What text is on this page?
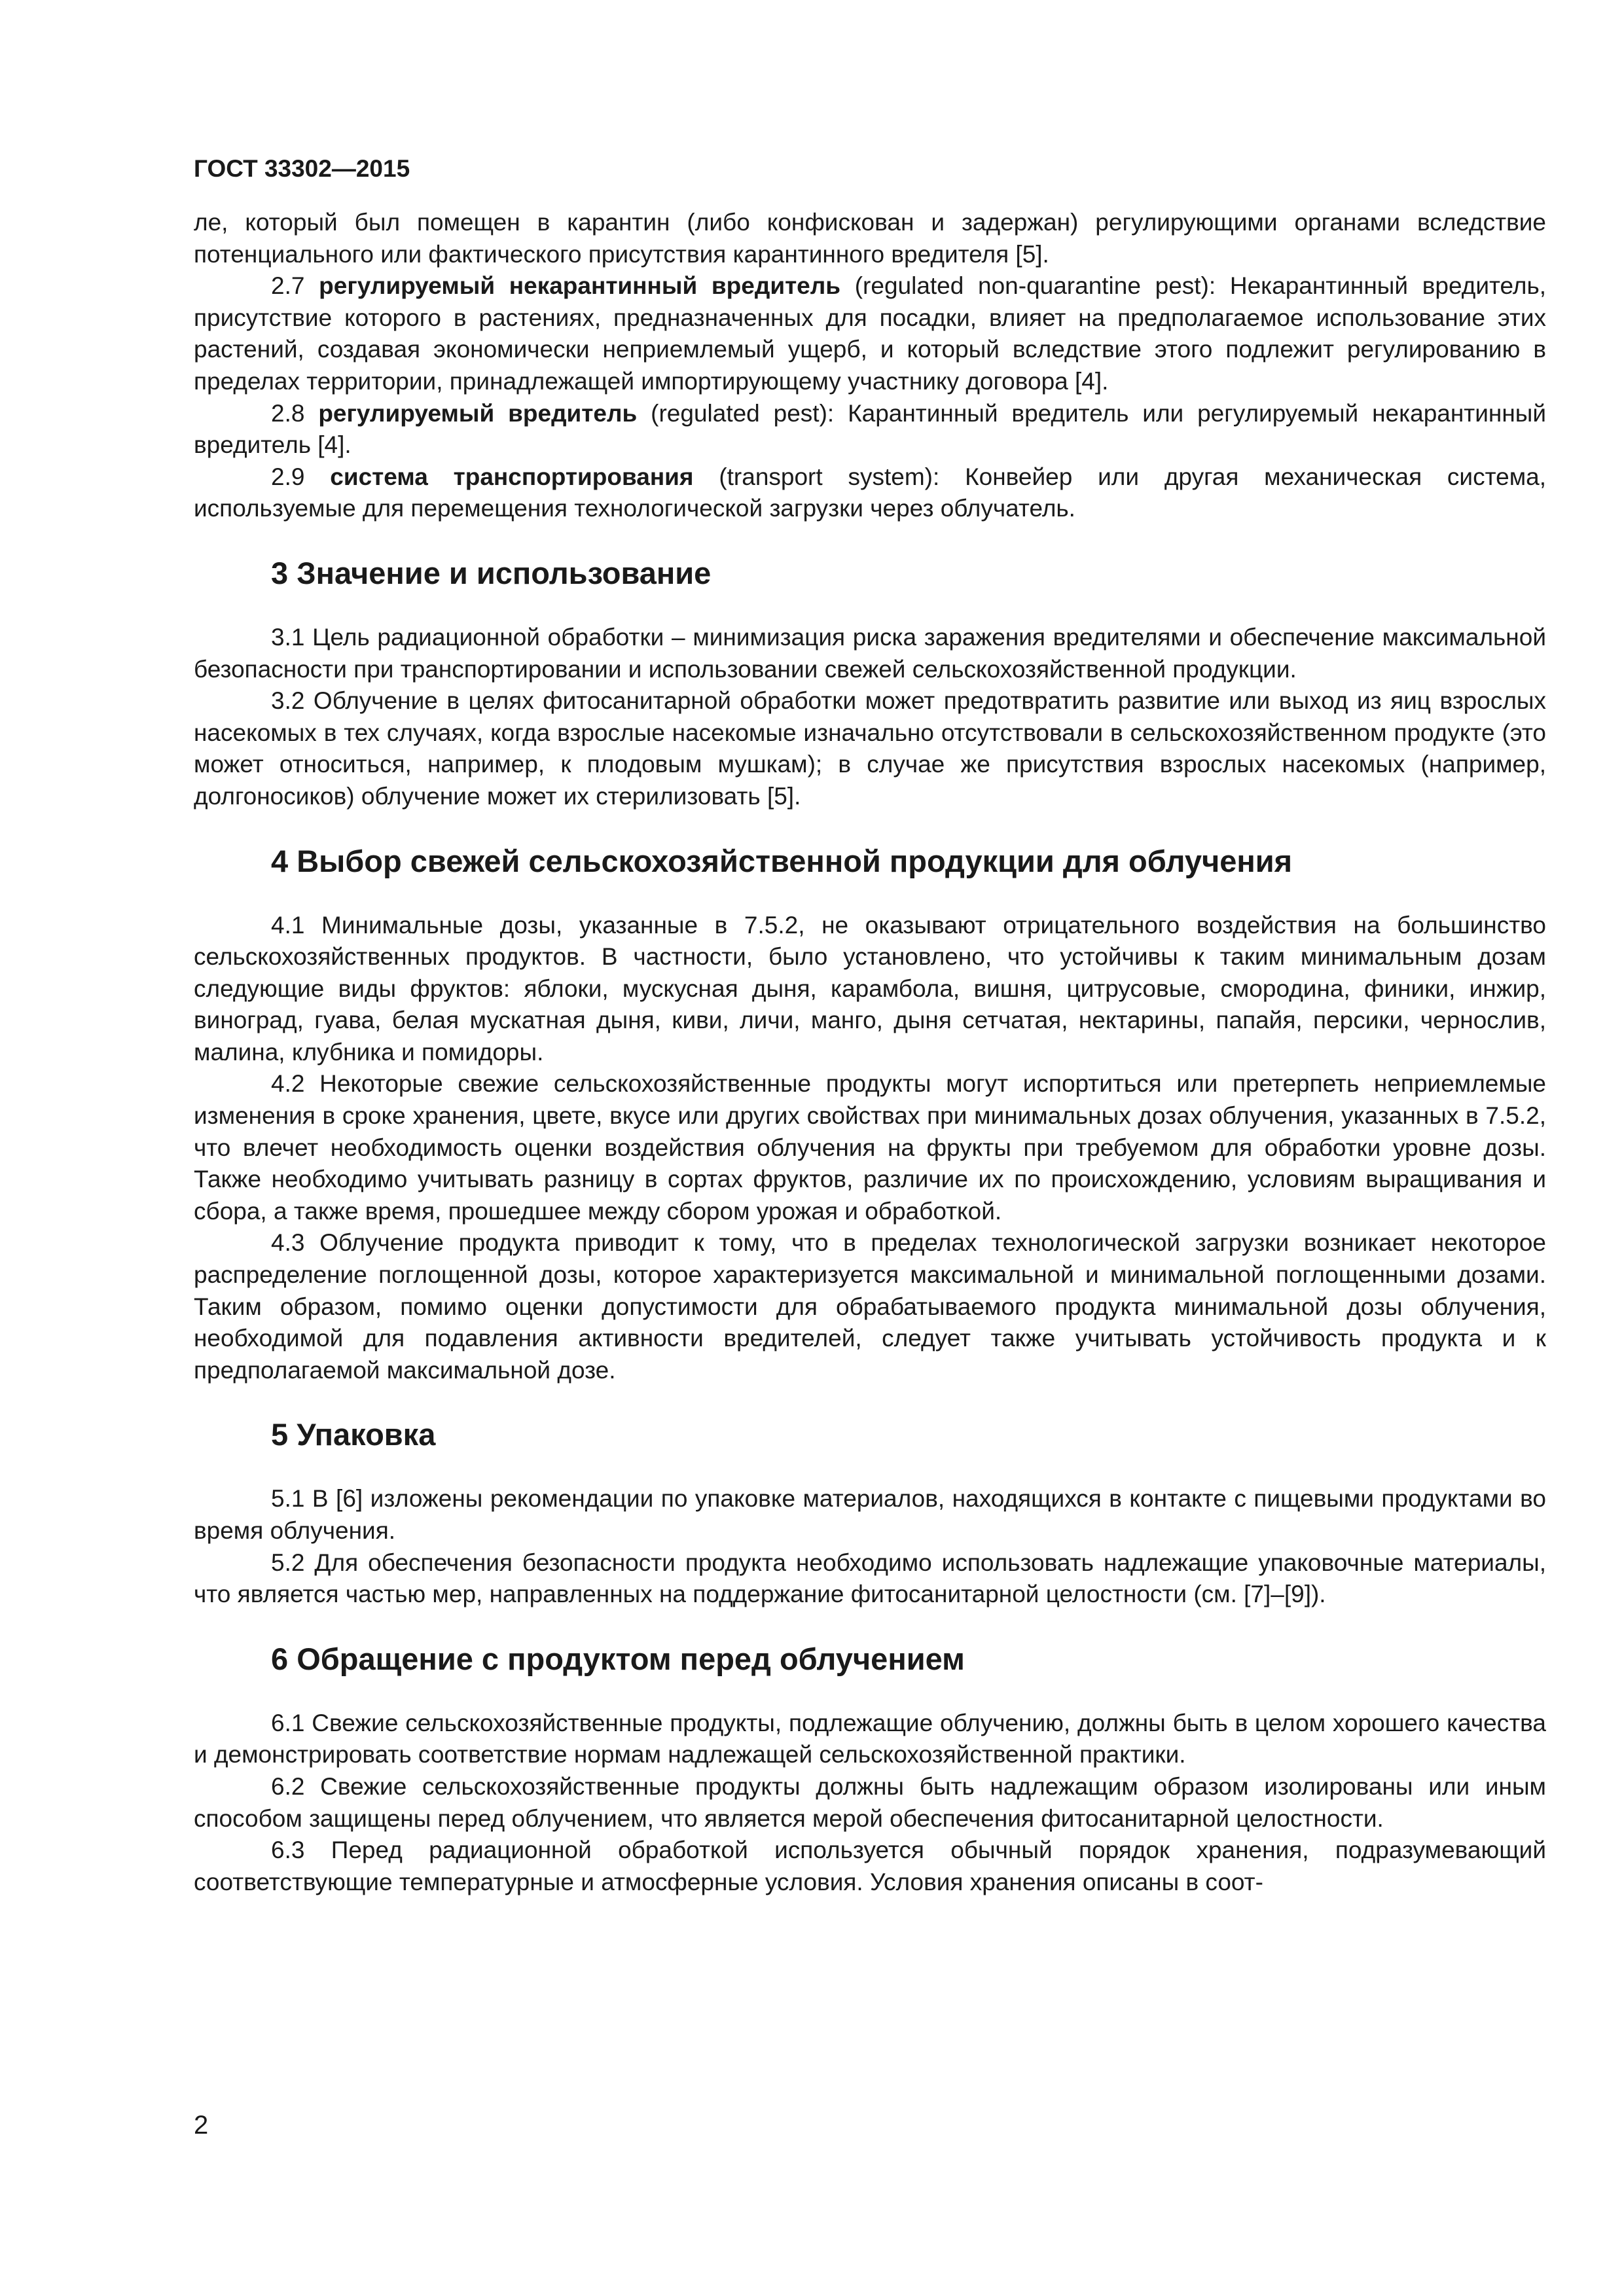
ГОСТ 33302—2015

ле, который был помещен в карантин (либо конфискован и задержан) регулирующими органами вследствие потенциального или фактического присутствия карантинного вредителя [5].

2.7 регулируемый некарантинный вредитель (regulated non-quarantine pest): Некарантинный вредитель, присутствие которого в растениях, предназначенных для посадки, влияет на предполагаемое использование этих растений, создавая экономически неприемлемый ущерб, и который вследствие этого подлежит регулированию в пределах территории, принадлежащей импортирующему участнику договора [4].

2.8 регулируемый вредитель (regulated pest): Карантинный вредитель или регулируемый некарантинный вредитель [4].

2.9 система транспортирования (transport system): Конвейер или другая механическая система, используемые для перемещения технологической загрузки через облучатель.

3 Значение и использование

3.1 Цель радиационной обработки – минимизация риска заражения вредителями и обеспечение максимальной безопасности при транспортировании и использовании свежей сельскохозяйственной продукции.

3.2 Облучение в целях фитосанитарной обработки может предотвратить развитие или выход из яиц взрослых насекомых в тех случаях, когда взрослые насекомые изначально отсутствовали в сельскохозяйственном продукте (это может относиться, например, к плодовым мушкам); в случае же присутствия взрослых насекомых (например, долгоносиков) облучение может их стерилизовать [5].

4 Выбор свежей сельскохозяйственной продукции для облучения

4.1 Минимальные дозы, указанные в 7.5.2, не оказывают отрицательного воздействия на большинство сельскохозяйственных продуктов. В частности, было установлено, что устойчивы к таким минимальным дозам следующие виды фруктов: яблоки, мускусная дыня, карамбола, вишня, цитрусовые, смородина, финики, инжир, виноград, гуава, белая мускатная дыня, киви, личи, манго, дыня сетчатая, нектарины, папайя, персики, чернослив, малина, клубника и помидоры.

4.2 Некоторые свежие сельскохозяйственные продукты могут испортиться или претерпеть неприемлемые изменения в сроке хранения, цвете, вкусе или других свойствах при минимальных дозах облучения, указанных в 7.5.2, что влечет необходимость оценки воздействия облучения на фрукты при требуемом для обработки уровне дозы. Также необходимо учитывать разницу в сортах фруктов, различие их по происхождению, условиям выращивания и сбора, а также время, прошедшее между сбором урожая и обработкой.

4.3 Облучение продукта приводит к тому, что в пределах технологической загрузки возникает некоторое распределение поглощенной дозы, которое характеризуется максимальной и минимальной поглощенными дозами. Таким образом, помимо оценки допустимости для обрабатываемого продукта минимальной дозы облучения, необходимой для подавления активности вредителей, следует также учитывать устойчивость продукта и к предполагаемой максимальной дозе.

5 Упаковка

5.1 В [6] изложены рекомендации по упаковке материалов, находящихся в контакте с пищевыми продуктами во время облучения.

5.2 Для обеспечения безопасности продукта необходимо использовать надлежащие упаковочные материалы, что является частью мер, направленных на поддержание фитосанитарной целостности (см. [7]–[9]).

6 Обращение с продуктом перед облучением

6.1 Свежие сельскохозяйственные продукты, подлежащие облучению, должны быть в целом хорошего качества и демонстрировать соответствие нормам надлежащей сельскохозяйственной практики.

6.2 Свежие сельскохозяйственные продукты должны быть надлежащим образом изолированы или иным способом защищены перед облучением, что является мерой обеспечения фитосанитарной целостности.

6.3 Перед радиационной обработкой используется обычный порядок хранения, подразумевающий соответствующие температурные и атмосферные условия. Условия хранения описаны в соот-

2
